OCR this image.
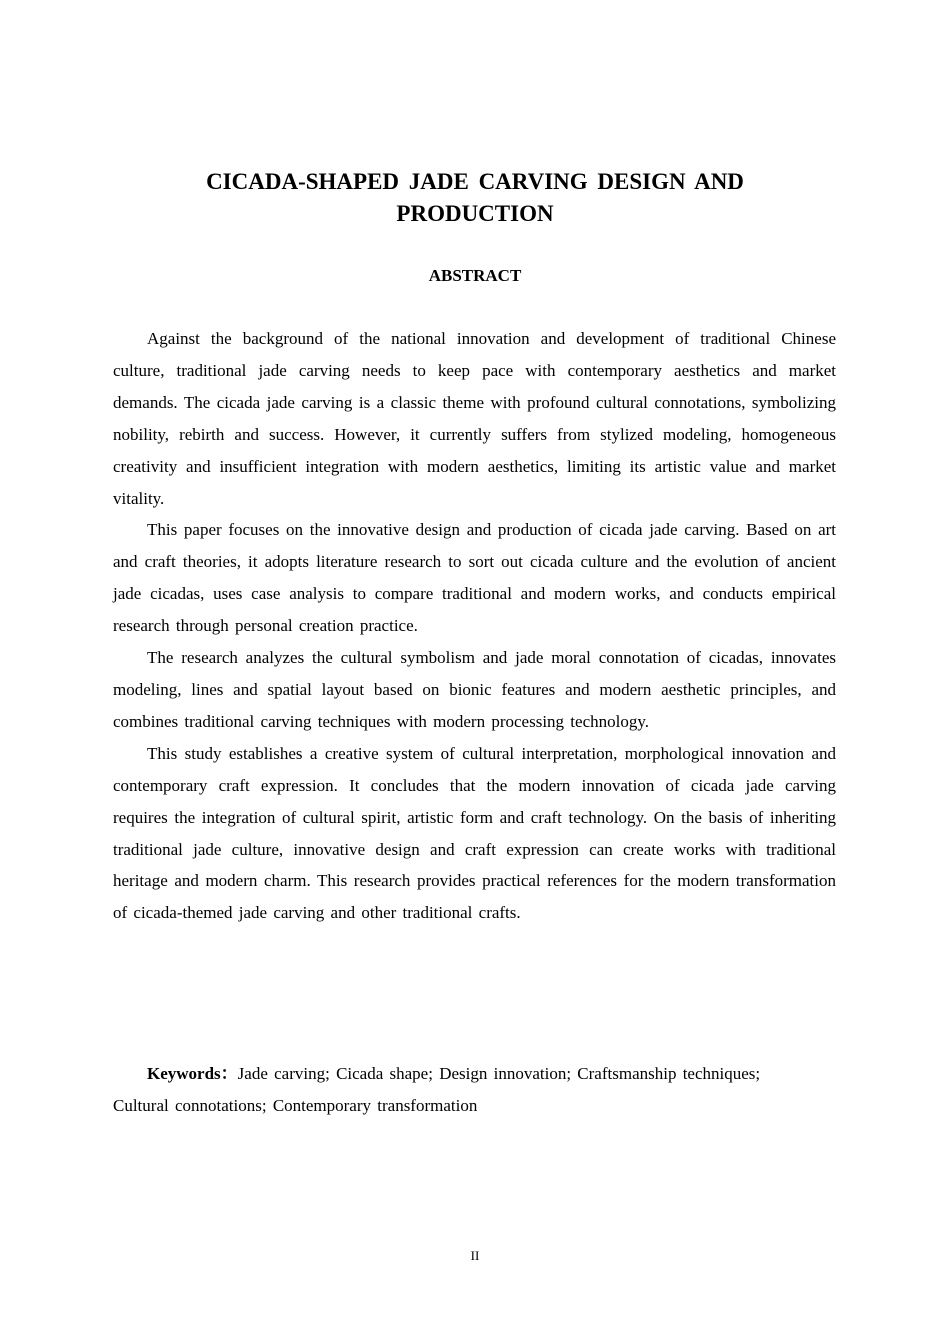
CICADA-SHAPED JADE CARVING DESIGN AND PRODUCTION
ABSTRACT

Against the background of the national innovation and development of traditional Chinese culture, traditional jade carving needs to keep pace with contemporary aesthetics and market demands. The cicada jade carving is a classic theme with profound cultural connotations, symbolizing nobility, rebirth and success. However, it currently suffers from stylized modeling, homogeneous creativity and insufficient integration with modern aesthetics, limiting its artistic value and market vitality.

This paper focuses on the innovative design and production of cicada jade carving. Based on art and craft theories, it adopts literature research to sort out cicada culture and the evolution of ancient jade cicadas, uses case analysis to compare traditional and modern works, and conducts empirical research through personal creation practice.

The research analyzes the cultural symbolism and jade moral connotation of cicadas, innovates modeling, lines and spatial layout based on bionic features and modern aesthetic principles, and combines traditional carving techniques with modern processing technology.

This study establishes a creative system of cultural interpretation, morphological innovation and contemporary craft expression. It concludes that the modern innovation of cicada jade carving requires the integration of cultural spirit, artistic form and craft technology. On the basis of inheriting traditional jade culture, innovative design and craft expression can create works with traditional heritage and modern charm. This research provides practical references for the modern transformation of cicada-themed jade carving and other traditional crafts.

Keywords：Jade carving; Cicada shape; Design innovation; Craftsmanship techniques; Cultural connotations; Contemporary transformation

II
